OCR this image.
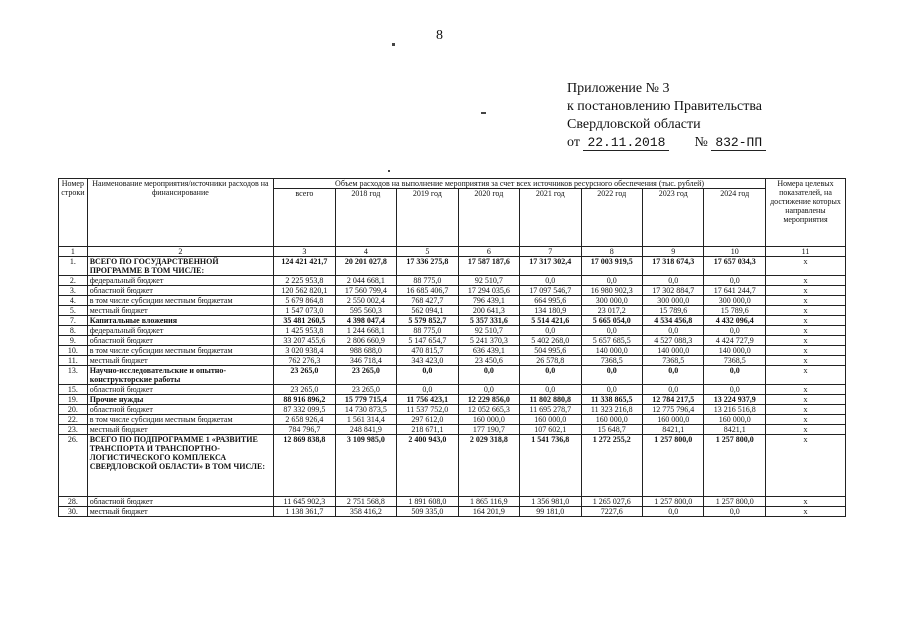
8
Приложение № 3
к постановлению Правительства
Свердловской области
от 22.11.2018 № 832-ПП
Номер строки	Наименование мероприятия/источники расходов на финансирование	Объем расходов на выполнение мероприятия за счет всех источников ресурсного обеспечения (тыс. рублей)								Номера целевых показателей, на достижение которых направлены мероприятия
		всего	2018 год	2019 год	2020 год	2021 год	2022 год	2023 год	2024 год	
1	2	3	4	5	6	7	8	9	10	11
1.	ВСЕГО ПО ГОСУДАРСТВЕННОЙ ПРОГРАММЕ В ТОМ ЧИСЛЕ:	124 421 421,7	20 201 027,8	17 336 275,8	17 587 187,6	17 317 302,4	17 003 919,5	17 318 674,3	17 657 034,3	x
2.	федеральный бюджет	2 225 953,8	2 044 668,1	88 775,0	92 510,7	0,0	0,0	0,0	0,0	x
3.	областной бюджет	120 562 820,1	17 560 799,4	16 685 406,7	17 294 035,6	17 097 546,7	16 980 902,3	17 302 884,7	17 641 244,7	x
4.	в том числе субсидии местным бюджетам	5 679 864,8	2 550 002,4	768 427,7	796 439,1	664 995,6	300 000,0	300 000,0	300 000,0	x
5.	местный бюджет	1 547 073,0	595 560,3	562 094,1	200 641,3	134 180,9	23 017,2	15 789,6	15 789,6	x
7.	Капитальные вложения	35 481 260,5	4 398 047,4	5 579 852,7	5 357 331,6	5 514 421,6	5 665 054,0	4 534 456,8	4 432 096,4	x
8.	федеральный бюджет	1 425 953,8	1 244 668,1	88 775,0	92 510,7	0,0	0,0	0,0	0,0	x
9.	областной бюджет	33 207 455,6	2 806 660,9	5 147 654,7	5 241 370,3	5 402 268,0	5 657 685,5	4 527 088,3	4 424 727,9	x
10.	в том числе субсидии местным бюджетам	3 020 938,4	988 688,0	470 815,7	636 439,1	504 995,6	140 000,0	140 000,0	140 000,0	x
11.	местный бюджет	762 276,3	346 718,4	343 423,0	23 450,6	26 578,8	7368,5	7368,5	7368,5	x
13.	Научно-исследовательские и опытно-конструкторские работы	23 265,0	23 265,0	0,0	0,0	0,0	0,0	0,0	0,0	x
15.	областной бюджет	23 265,0	23 265,0	0,0	0,0	0,0	0,0	0,0	0,0	x
19.	Прочие нужды	88 916 896,2	15 779 715,4	11 756 423,1	12 229 856,0	11 802 880,8	11 338 865,5	12 784 217,5	13 224 937,9	x
20.	областной бюджет	87 332 099,5	14 730 873,5	11 537 752,0	12 052 665,3	11 695 278,7	11 323 216,8	12 775 796,4	13 216 516,8	x
22.	в том числе субсидии местным бюджетам	2 658 926,4	1 561 314,4	297 612,0	160 000,0	160 000,0	160 000,0	160 000,0	160 000,0	x
23.	местный бюджет	784 796,7	248 841,9	218 671,1	177 190,7	107 602,1	15 648,7	8421,1	8421,1	x
26.	ВСЕГО ПО ПОДПРОГРАММЕ 1 «РАЗВИТИЕ ТРАНСПОРТА И ТРАНСПОРТНО-ЛОГИСТИЧЕСКОГО КОМПЛЕКСА СВЕРДЛОВСКОЙ ОБЛАСТИ» В ТОМ ЧИСЛЕ:	12 869 838,8	3 109 985,0	2 400 943,0	2 029 318,8	1 541 736,8	1 272 255,2	1 257 800,0	1 257 800,0	x
28.	областной бюджет	11 645 902,3	2 751 568,8	1 891 608,0	1 865 116,9	1 356 981,0	1 265 027,6	1 257 800,0	1 257 800,0	x
30.	местный бюджет	1 138 361,7	358 416,2	509 335,0	164 201,9	99 181,0	7227,6	0,0	0,0	x
